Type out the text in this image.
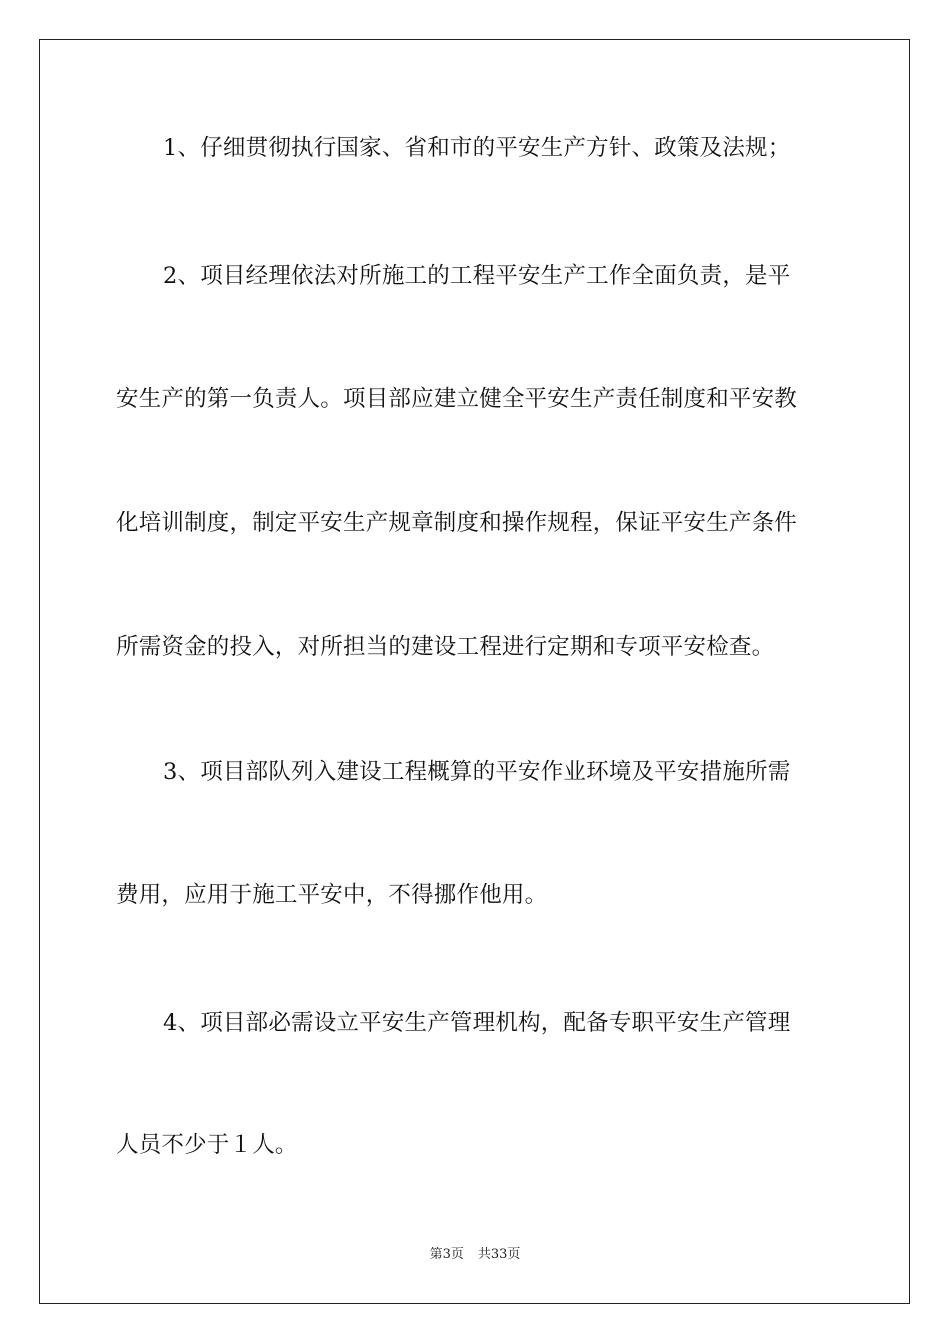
1、仔细贯彻执行国家、省和市的平安生产方针、政策及法规；
2、项目经理依法对所施工的工程平安生产工作全面负责，是平
安生产的第一负责人。项目部应建立健全平安生产责任制度和平安教
化培训制度，制定平安生产规章制度和操作规程，保证平安生产条件
所需资金的投入，对所担当的建设工程进行定期和专项平安检查。
3、项目部队列入建设工程概算的平安作业环境及平安措施所需
费用，应用于施工平安中，不得挪作他用。
4、项目部必需设立平安生产管理机构，配备专职平安生产管理
人员不少于１人。
第3页 共33页
